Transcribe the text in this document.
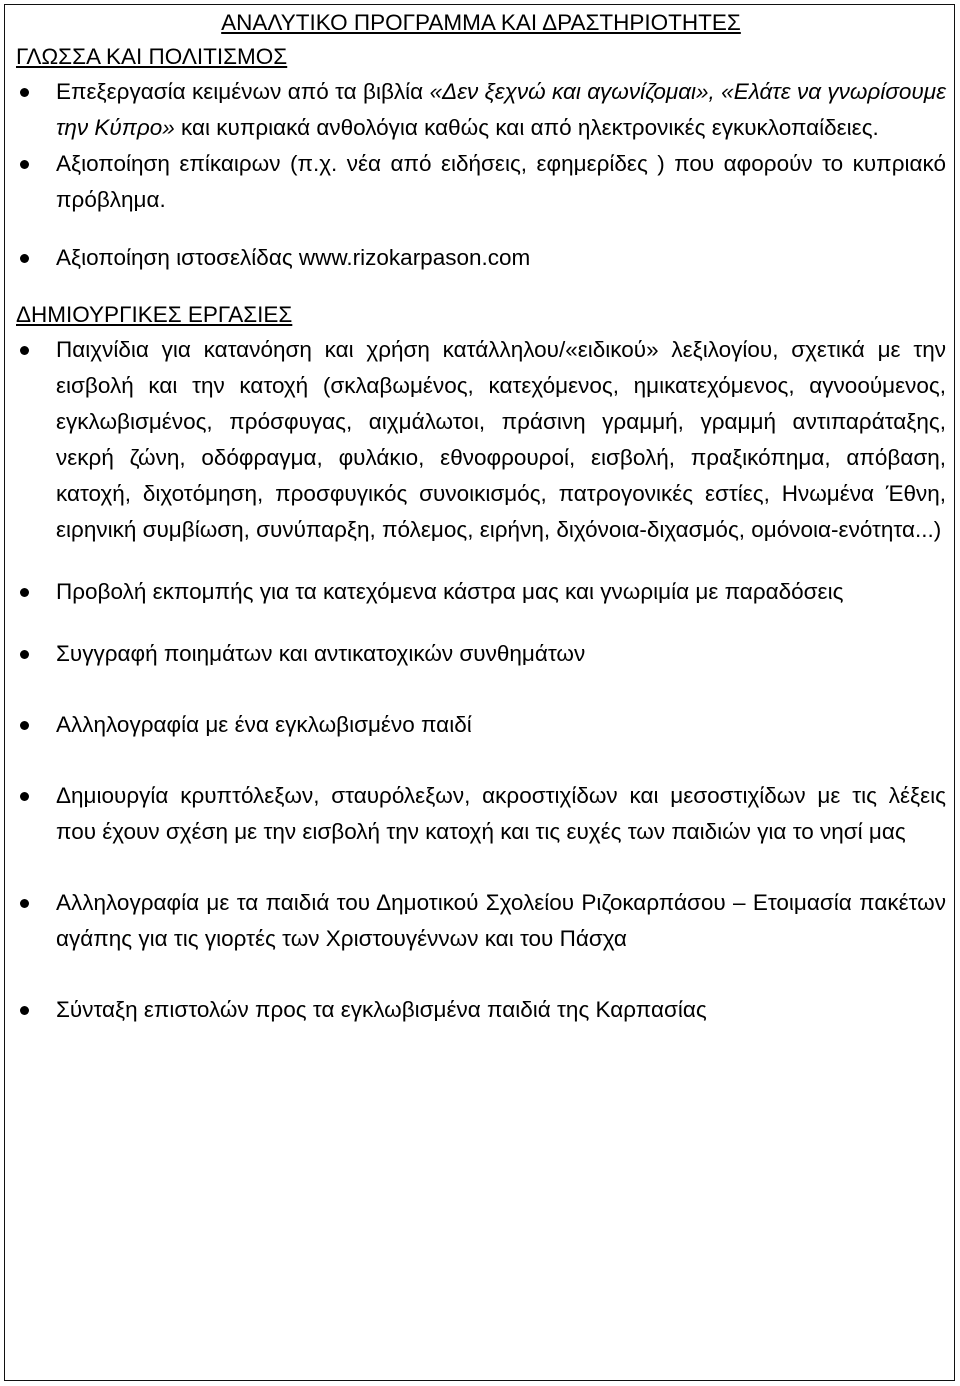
ΑΝΑΛΥΤΙΚΟ ΠΡΟΓΡΑΜΜΑ ΚΑΙ ΔΡΑΣΤΗΡΙΟΤΗΤΕΣ
ΓΛΩΣΣΑ ΚΑΙ ΠΟΛΙΤΙΣΜΟΣ
Επεξεργασία κειμένων από τα βιβλία «Δεν ξεχνώ και αγωνίζομαι», «Ελάτε να γνωρίσουμε την Κύπρο» και κυπριακά ανθολόγια καθώς και από ηλεκτρονικές εγκυκλοπαίδειες.
Αξιοποίηση επίκαιρων (π.χ. νέα από ειδήσεις, εφημερίδες ) που αφορούν το κυπριακό πρόβλημα.
Αξιοποίηση ιστοσελίδας www.rizokarpason.com
ΔΗΜΙΟΥΡΓΙΚΕΣ ΕΡΓΑΣΙΕΣ
Παιχνίδια για κατανόηση και χρήση κατάλληλου/«ειδικού» λεξιλογίου, σχετικά με την εισβολή και την κατοχή (σκλαβωμένος, κατεχόμενος, ημικατεχόμενος, αγνοούμενος, εγκλωβισμένος, πρόσφυγας, αιχμάλωτοι, πράσινη γραμμή, γραμμή αντιπαράταξης, νεκρή ζώνη, οδόφραγμα, φυλάκιο, εθνοφρουροί, εισβολή, πραξικόπημα, απόβαση, κατοχή, διχοτόμηση, προσφυγικός συνοικισμός, πατρογονικές εστίες, Ηνωμένα Έθνη, ειρηνική συμβίωση, συνύπαρξη, πόλεμος, ειρήνη, διχόνοια-διχασμός, ομόνοια-ενότητα...)
Προβολή εκπομπής για τα κατεχόμενα κάστρα μας και γνωριμία με παραδόσεις
Συγγραφή ποιημάτων και αντικατοχικών συνθημάτων
Αλληλογραφία με ένα εγκλωβισμένο παιδί
Δημιουργία κρυπτόλεξων, σταυρόλεξων, ακροστιχίδων και μεσοστιχίδων με τις λέξεις που έχουν σχέση με την εισβολή την κατοχή και τις ευχές των παιδιών για το νησί μας
Αλληλογραφία με τα παιδιά του Δημοτικού Σχολείου Ριζοκαρπάσου – Ετοιμασία πακέτων αγάπης για τις γιορτές των Χριστουγέννων και του Πάσχα
Σύνταξη επιστολών προς τα εγκλωβισμένα παιδιά της Καρπασίας
